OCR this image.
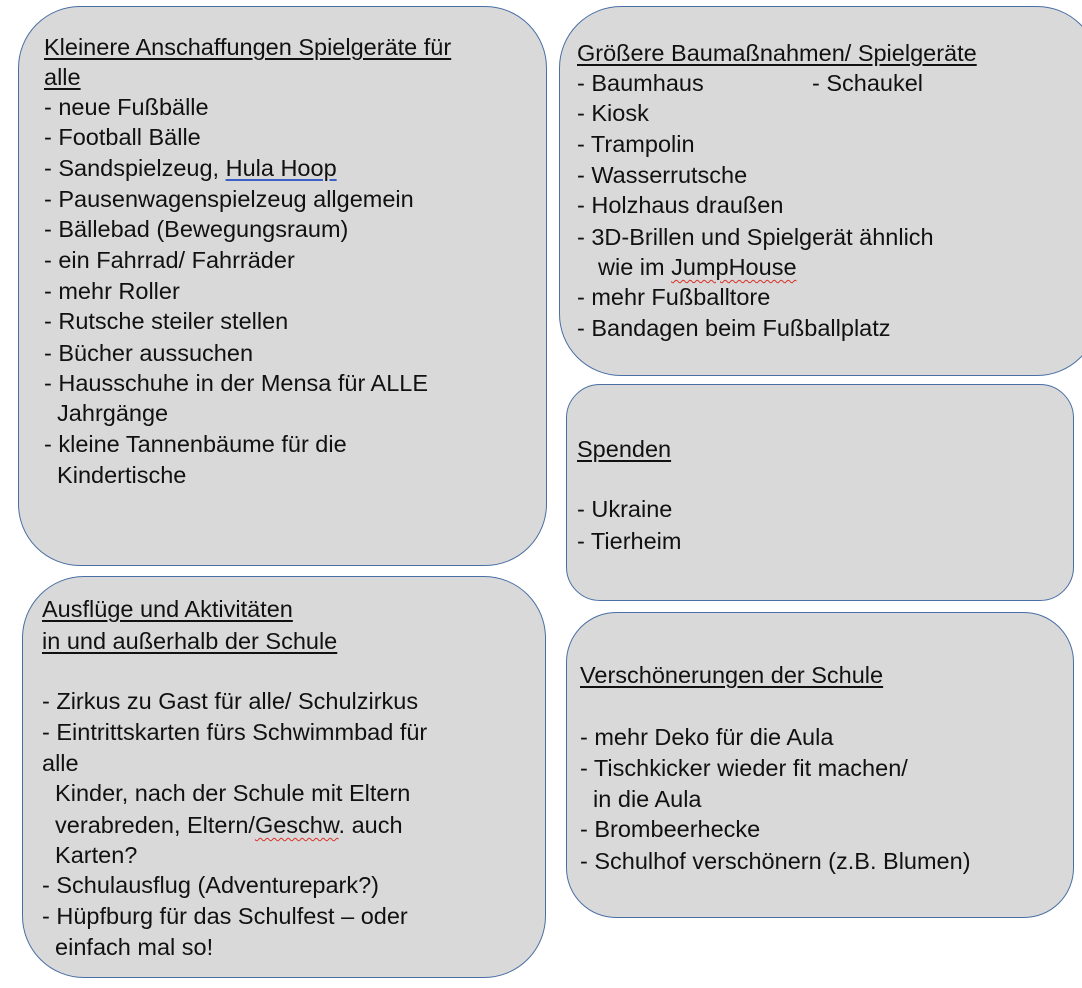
Kleinere Anschaffungen Spielgeräte für
alle
- neue Fußbälle
- Football Bälle
- Sandspielzeug, Hula Hoop
- Pausenwagenspielzeug allgemein
- Bällebad (Bewegungsraum)
- ein Fahrrad/ Fahrräder
- mehr Roller
- Rutsche steiler stellen
- Bücher aussuchen
- Hausschuhe in der Mensa für ALLE
Jahrgänge
- kleine Tannenbäume für die
Kindertische
Größere Baumaßnahmen/ Spielgeräte
- Baumhaus	- Schaukel
- Kiosk
- Trampolin
- Wasserrutsche
- Holzhaus draußen
- 3D-Brillen und Spielgerät ähnlich
wie im JumpHouse
- mehr Fußballtore
- Bandagen beim Fußballplatz
Spenden
- Ukraine
- Tierheim
Ausflüge und Aktivitäten
in und außerhalb der Schule
- Zirkus zu Gast für alle/ Schulzirkus
- Eintrittskarten fürs Schwimmbad für
alle
Kinder, nach der Schule mit Eltern
verabreden, Eltern/Geschw. auch
Karten?
- Schulausflug (Adventurepark?)
- Hüpfburg für das Schulfest – oder
einfach mal so!
Verschönerungen der Schule
- mehr Deko für die Aula
- Tischkicker wieder fit machen/
in die Aula
- Brombeerhecke
- Schulhof verschönern (z.B. Blumen)
